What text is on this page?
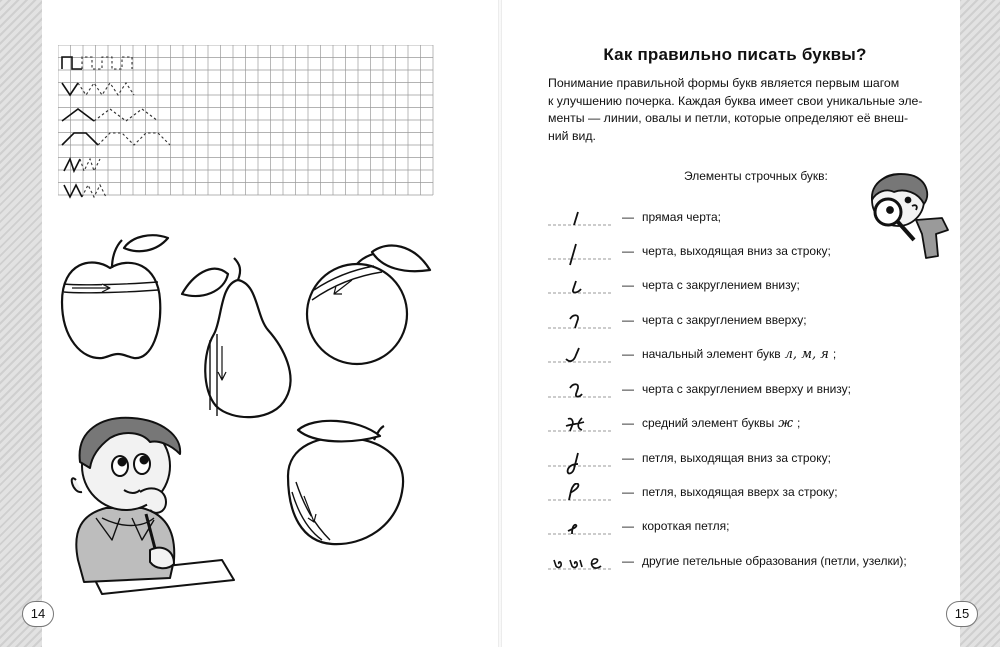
Как правильно писать буквы?
Понимание правильной формы букв является первым шагом
к улучшению почерка. Каждая буква имеет свои уникальные эле-
менты — линии, овалы и петли, которые определяют её внеш-
ний вид.
Элементы строчных букв:
— прямая черта;
— черта, выходящая вниз за строку;
— черта с закруглением внизу;
— черта с закруглением вверху;
— начальный элемент букв л, м, я ;
— черта с закруглением вверху и внизу;
— средний элемент буквы ж ;
— петля, выходящая вниз за строку;
— петля, выходящая вверх за строку;
— короткая петля;
— другие петельные образования (петли, узелки);
14	15
